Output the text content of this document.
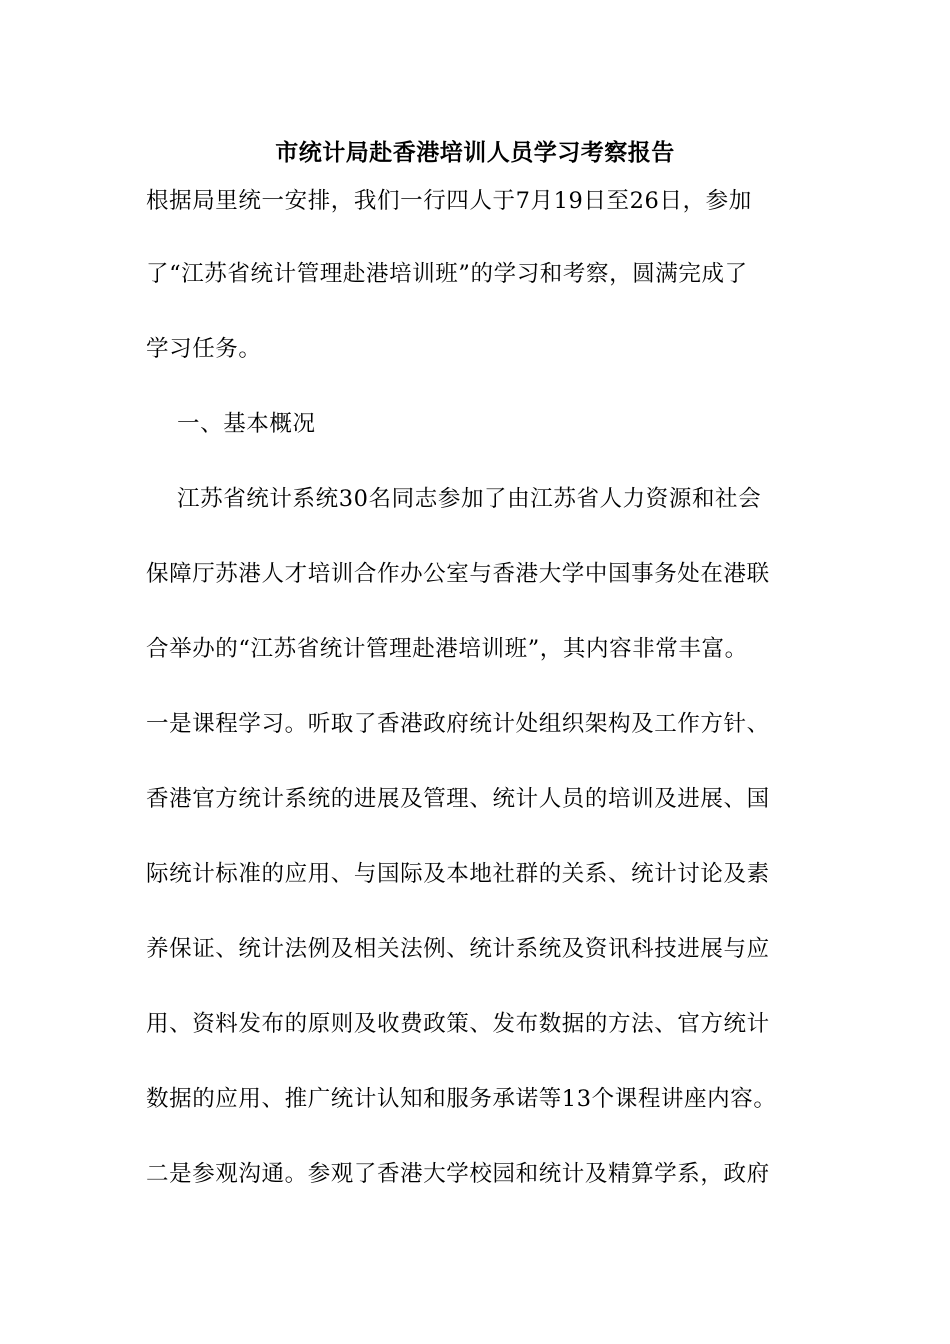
市统计局赴香港培训人员学习考察报告
根据局里统一安排，我们一行四人于7月19日至26日，参加
了“江苏省统计管理赴港培训班”的学习和考察，圆满完成了
学习任务。
一、基本概况
江苏省统计系统30名同志参加了由江苏省人力资源和社会
保障厅苏港人才培训合作办公室与香港大学中国事务处在港联
合举办的“江苏省统计管理赴港培训班”，其内容非常丰富。
一是课程学习。听取了香港政府统计处组织架构及工作方针、
香港官方统计系统的进展及管理、统计人员的培训及进展、国
际统计标准的应用、与国际及本地社群的关系、统计讨论及素
养保证、统计法例及相关法例、统计系统及资讯科技进展与应
用、资料发布的原则及收费政策、发布数据的方法、官方统计
数据的应用、推广统计认知和服务承诺等13个课程讲座内容。
二是参观沟通。参观了香港大学校园和统计及精算学系，政府
